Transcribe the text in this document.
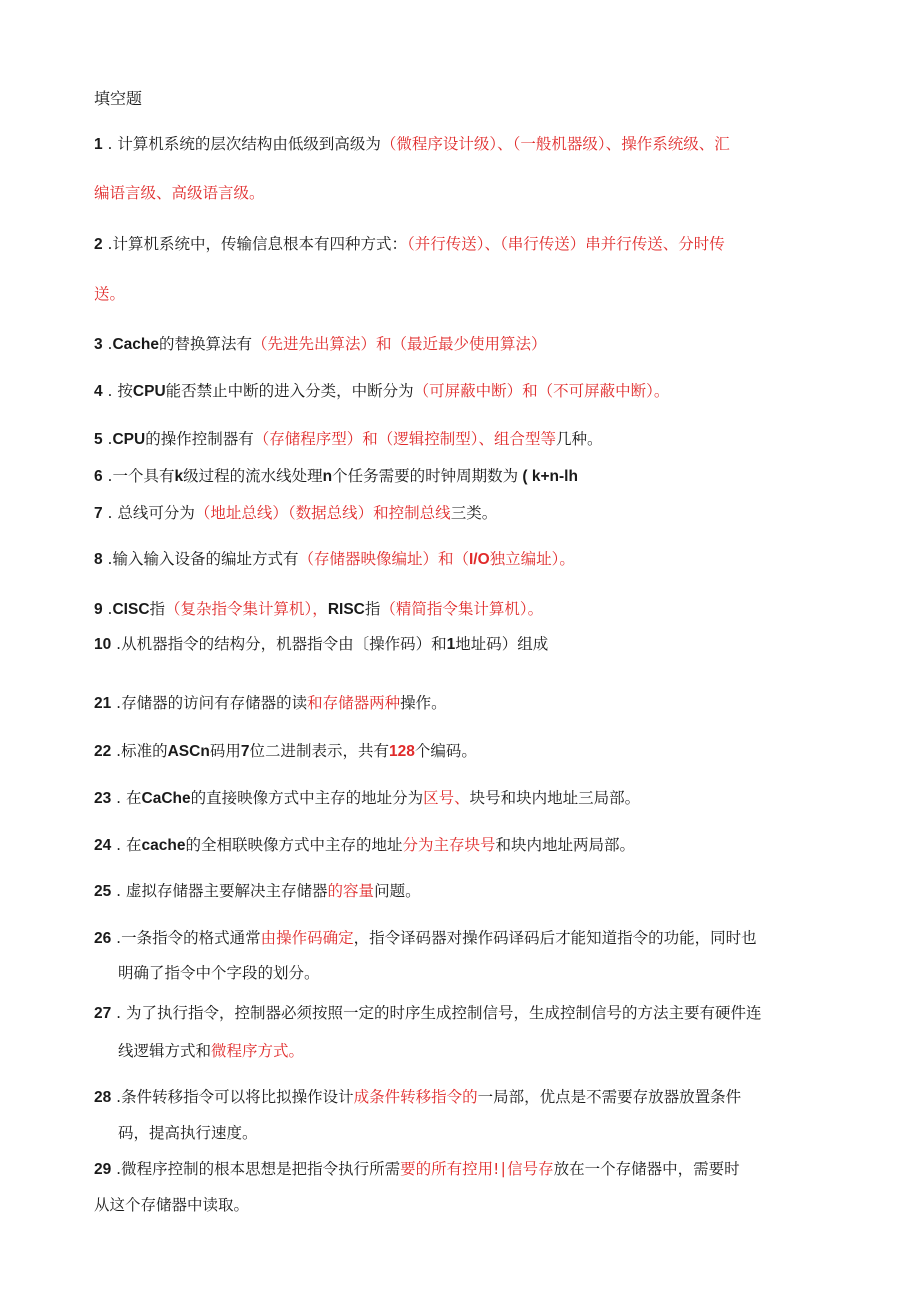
填空题
1 . 计算机系统的层次结构由低级到高级为（微程序设计级）、（一般机器级）、操作系统级、汇
编语言级、高级语言级。
2 .计算机系统中，传输信息根本有四种方式：（并行传送）、（串行传送）串并行传送、分时传
送。
3 .Cache的替换算法有（先进先出算法）和（最近最少使用算法）
4 . 按CPU能否禁止中断的进入分类，中断分为（可屏蔽中断）和（不可屏蔽中断）。
5 .CPU的操作控制器有（存储程序型）和（逻辑控制型）、组合型等几种。
6 .一个具有k级过程的流水线处理n个任务需要的时钟周期数为 ( k+n-lh
7 . 总线可分为（地址总线）（数据总线）和控制总线三类。
8 .输入输入设备的编址方式有（存储器映像编址）和（I/O独立编址）。
9 .CISC指（复杂指令集计算机），RISC指（精简指令集计算机）。
10 .从机器指令的结构分，机器指令由〔操作码）和1地址码）组成
21 .存储器的访问有存储器的读和存储器两种操作。
22 .标准的ASCn码用7位二进制表示，共有128个编码。
23 . 在CaChe的直接映像方式中主存的地址分为区号、块号和块内地址三局部。
24 . 在cache的全相联映像方式中主存的地址分为主存块号和块内地址两局部。
25 . 虚拟存储器主要解决主存储器的容量问题。
26 .一条指令的格式通常由操作码确定，指令译码器对操作码译码后才能知道指令的功能，同时也
明确了指令中个字段的划分。
27 . 为了执行指令，控制器必须按照一定的时序生成控制信号，生成控制信号的方法主要有硬件连
线逻辑方式和微程序方式。
28 .条件转移指令可以将比拟操作设计成条件转移指令的一局部，优点是不需要存放器放置条件
码，提高执行速度。
29 .微程序控制的根本思想是把指令执行所需要的所有控用!∣信号存放在一个存储器中，需要时
从这个存储器中读取。
